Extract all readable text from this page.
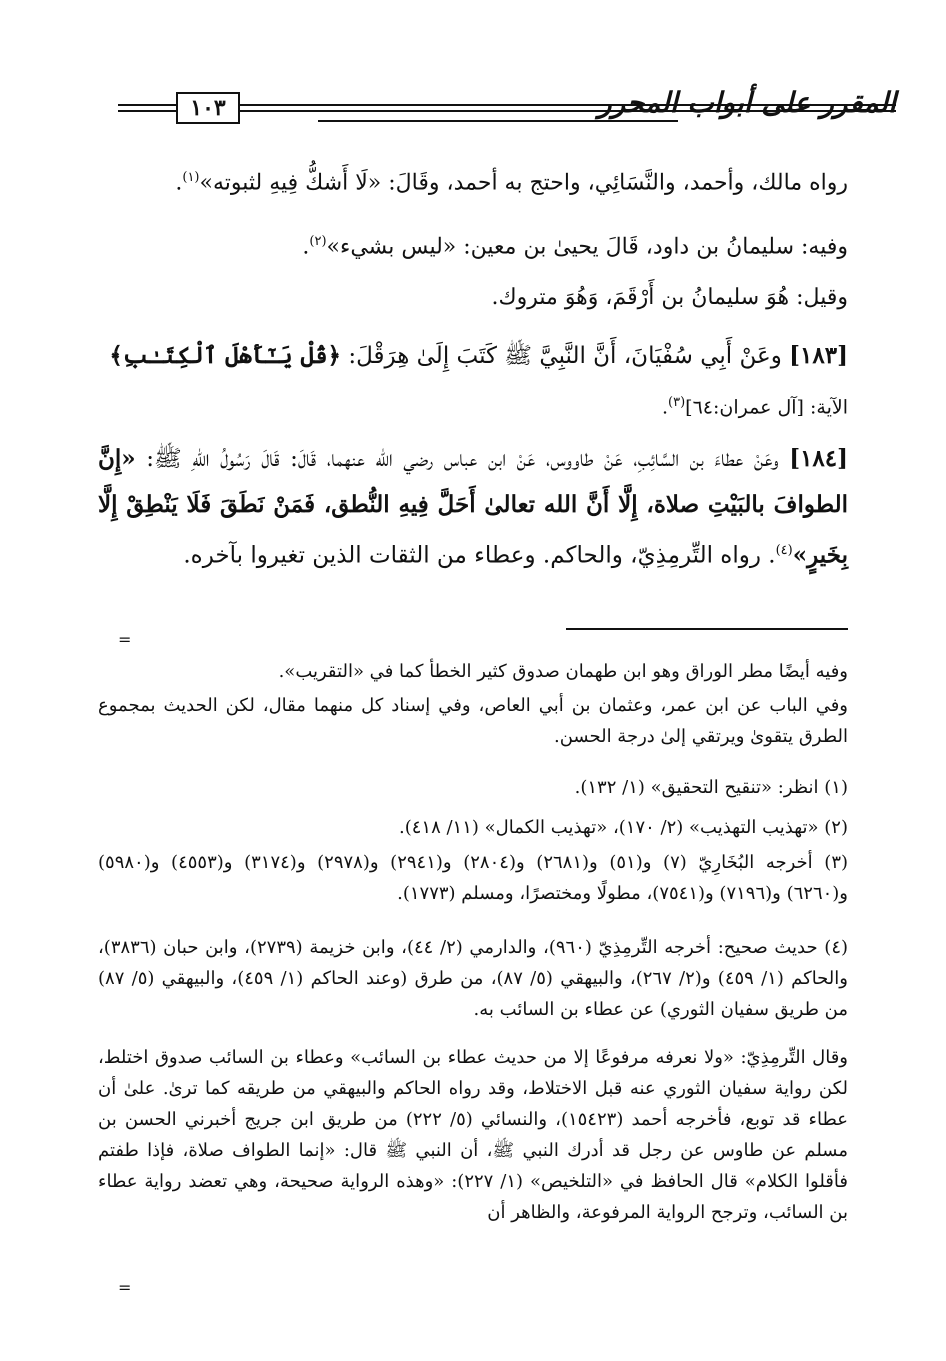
المقرر على أبواب المحرر
١٠٣
رواه مالك، وأحمد، والنَّسَائِي، واحتج به أحمد، وقَالَ: «لَا أَشكُّ فِيهِ لثبوته»$^{(١)}$.
وفيه: سليمانُ بن داود، قَالَ يحيىٰ بن معين: «ليس بشيء»$^{(٢)}$.
وقيل: هُوَ سليمانُ بن أَرْقَمَ، وَهُوَ متروك.
[١٨٣] وعَنْ أَبِي سُفْيَانَ، أَنَّ النَّبِيَّ ﷺ كَتَبَ إِلَىٰ هِرَقْلَ: ﴿قُلْ يَـٰٓأَهْلَ ٱلْكِتَـٰبِ﴾
الآية: [آل عمران:٦٤]$^{(٣)}$.
[١٨٤] وعَنْ عطاءَ بن السَّائِبِ، عَنْ طاووس، عَنْ ابن عباس رضي الله عنهما، قَالَ: قَالَ رَسُولُ اللهِ ﷺ: «إِنَّ الطوافَ بالبَيْتِ صلاة، إِلَّا أَنَّ الله تعالىٰ أَحَلَّ فِيهِ النُّطق، فَمَنْ نَطَقَ فَلَا يَنْطِقْ إِلَّا بِخَيرٍ»$^{(٤)}$. رواه التِّرمِذِيّ، والحاكم. وعطاء من الثقات الذين تغيروا بآخره.
=
وفيه أيضًا مطر الوراق وهو ابن طهمان صدوق كثير الخطأ كما في «التقريب».
وفي الباب عن ابن عمر، وعثمان بن أبي العاص، وفي إسناد كل منهما مقال، لكن الحديث بمجموع الطرق يتقوىٰ ويرتقي إلىٰ درجة الحسن.
(١) انظر: «تنقيح التحقيق» (١/ ١٣٢).
(٢) «تهذيب التهذيب» (٢/ ١٧٠)، «تهذيب الكمال» (١١/ ٤١٨).
(٣) أخرجه البُخَارِيّ (٧) و(٥١) و(٢٦٨١) و(٢٨٠٤) و(٢٩٤١) و(٢٩٧٨) و(٣١٧٤) و(٤٥٥٣) و(٥٩٨٠) و(٦٢٦٠) و(٧١٩٦) و(٧٥٤١)، مطولًا ومختصرًا، ومسلم (١٧٧٣).
(٤) حديث صحيح: أخرجه التِّرمِذِيّ (٩٦٠)، والدارمي (٢/ ٤٤)، وابن خزيمة (٢٧٣٩)، وابن حبان (٣٨٣٦)، والحاكم (١/ ٤٥٩) و(٢/ ٢٦٧)، والبيهقي (٥/ ٨٧)، من طرق (وعند الحاكم (١/ ٤٥٩)، والبيهقي (٥/ ٨٧) من طريق سفيان الثوري) عن عطاء بن السائب به.
وقال التِّرمِذِيّ: «ولا نعرفه مرفوعًا إلا من حديث عطاء بن السائب» وعطاء بن السائب صدوق اختلط، لكن رواية سفيان الثوري عنه قبل الاختلاط، وقد رواه الحاكم والبيهقي من طريقه كما ترىٰ. علىٰ أن عطاء قد توبع، فأخرجه أحمد (١٥٤٢٣)، والنسائي (٥/ ٢٢٢) من طريق ابن جريج أخبرني الحسن بن مسلم عن طاوس عن رجل قد أدرك النبي ﷺ، أن النبي ﷺ قال: «إنما الطواف صلاة، فإذا طفتم فأقلوا الكلام» قال الحافظ في «التلخيص» (١/ ٢٢٧): «وهذه الرواية صحيحة، وهي تعضد رواية عطاء بن السائب، وترجح الرواية المرفوعة، والظاهر أن
=
